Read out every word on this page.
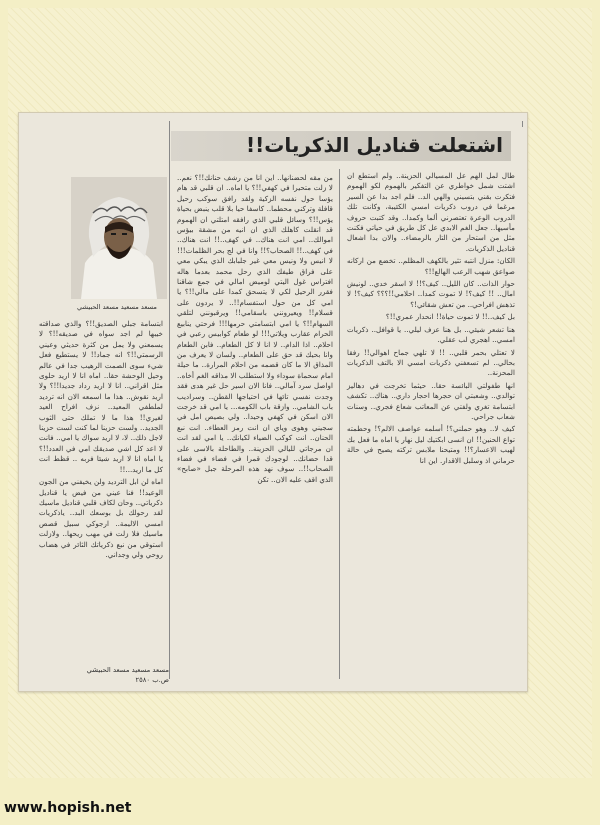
اشتعلت قناديل الذكريات!!
مسعد مسعيد مسعد الحبيشي

طال لمل الهم عل المسيالي الحزينة.. ولم استطع ان اشتت شمل خواطري عن التفكير بالهموم لكو الهموم فتكرت بقني بتسيني والهي الد.. فلم اجد بدا عن السير مرغما في دروب ذكريات امسي الكئيبة، وكانت تلك الدروب الوعرة تعتصرني ألما وكمدا.. وقد كتبت حروف مأسيها.. جعل الغم الابدي عل كل طريق في حياتي فكنت مثل من استحار من التار بالرمضاء.. والان بدا اشعال قناديل الذكريات.

الكان: منزل انتبه تثير بالكهف المظلم.. تخضع من اركانه صواعق شهب الرعب الهالع!!؟

حوار الذات.. كان الليل.. كيف؟!! لا اسقر خدي.. لونيش امال.. !! كيف؟! لا تموت كمدا.. احلامي!!؟؟؟ كيف؟! لا تذهش افراحي.. من تعش شقائي!؟

بل كيف..!! لا تموت حياة!! انحدار عمري!!؟

هنا تشعر شيئي.. بل هنا عزف ليلي.. يا قوافل.. ذكريات امسي.. اهجري لب عقلي.

لا تعتلي بحمر قلبي.. !! لا تلهي جماح اهوالي!! رفقا بحالي.. لم تسعفني ذكريات امسي الا بالتف الذكريات المحزنة..

انها طفولتي البائسة حقا.. حيثما تخرجت في دهاليز توالدي.. وشعبتي ان حجرها احجار داري.. هناك.. تكشف ابتسامة تغري ولفتي عن المعاتب شعاع فجري.. وسنات شعاب جراحي.

كيف لا.. وهو حملني؟! أسلمه عواصف الالم؟! وحطمته تواع الحنين!! ان انسى ابكتيك ليل نهار يا اماه ما فعل بك لهيب الاعسار؟!! ومتيحنا ملابس تركته يصيح في حالة حرماني اذ وسلبل الاقدار. اين انا

من مقه لحضنانها.. اين انا من رشف حنانك!!؟ نعم.. لا زلت متحيرا في كهفي!!؟ يا اماه.. ان قلبي قد هام يؤسا حول نفسه الزكية ولقد رافق سوكب رحيل قافلة وتركني محطما.. كاسفا حيا بلا قلب ينبض بحياة يؤس!!؟ وسائل قلبي الذي رافقه امتلتي ان الهموم قد انقلت كاهلك الذي ان انيه من مشقة بيؤس اموالك.. امي انت هناك.. في كهف..!! انت هناك.. في كهف..!! الصحاب؟!! وانا في لج بحر الظلمات!!! لا انيس ولا ونيس معي غير جلبابك الذي يبكي معي على فراق طيفك الذي رحل محمد بعدما هاله افتراس غول اليتي لوميض امالي في جمع شاقنا فقرر الرحيل لكي لا يتسحق كمدا على مالي!!؟ يا امي كل من حول استفسام!!.. لا يردون على قسلام!! ويعيرونني باسقامي!! ويرقبونني لتلقي السهام!!؟ يا امي ابتسامتي حرمها!!! فرحتي ينابيع الحرام عقارب ويلاتي!!! لو طعام كوابيس رعبي في احلام.. اذا الدام.. لا انا لا كل الطعام.. فابن الطعام وانا بحيك قد حق على الطعام.. ولسان لا يعرف من المذاق الا ما كان قضمه من احلام المرارة.. ما حيلة امام سحماة سوداء ولا استطلب الا مذاقه الغم أخاه.. اواصل سرد آمالي.. فانا الان اسير حل غير هدى فقد وجدت نفسي تائها في احتياجها القطن.. وسراديب باب الشامي.. وازقة باب الكومه... يا امي قد خرجت الان اسكن في كهفي وحيدا.. ولي بصيص امل في سجيني وهوى وياي ان انت رمز العطاء.. انت نبع الحنان.. انت كوكب الضياء لكيانك.. يا امي لقد انت ان مرجاتي لليالي الحزينة.. والطاحلة بالاسى على قدا حضانك.. لوجودك قمرا في فضاء في فضاء الصحاب!!.. سوف نهد هذه المرحلة جبل «صابح» الذي اقف عليه الان.. تكن

ابتسامة جبلي الصديق!!؟ والذي صداقته خيبها لم اجد سواه في صديقه!!؟ لا يسمعني ولا يمل من كثرة حديثي وعيني الرسمتي!!؟ انه جماد!! لا يستطيع فعل شيء سوى الصمت الرهيب جدا في عالم وحيل الوحشة حقا.. اماه انا لا اريد حلوى مثل اقراني.. انا لا اريد رداد جديدا!!؟ ولا اريد نقوش.. هذا ما اسمعه الان انه ترديد لملطفي المعيد.. نزف افراح العيد لغيري!! هذا ما لا تملك حتى الثوب الجديد.. ولست حزينا لما كنت لست حزينا لاجل ذلك.. لا، لا اريد سواك يا امي.. فانت لا اعد كل اشي صديقك امي في العدد!!؟ يا اماه انا لا اريد شيئا فربه .. قظط انت كل ما اريد...!!

اماه لن ابل الترديد ولن يخيفني من الجون الوعيد!! فنا عيني من فيض يا قناديل ذكرياتي.. وحان لكاف قلبي قناديل ماسيك لقد رحولك بل بوسعك البد.. ياذكريات امسي الاليمة.. ارجوكي سبيل قصص ماسيك فلا زلت في مهب ريحها.. ولازلت استوقي من نبع ذكرياتك الثائر في هضاب روحي ولي وجداني.

مسعد مسعيد مسعد الحبيشي
ص.ب ٢٥٨٠
www.hopish.net
